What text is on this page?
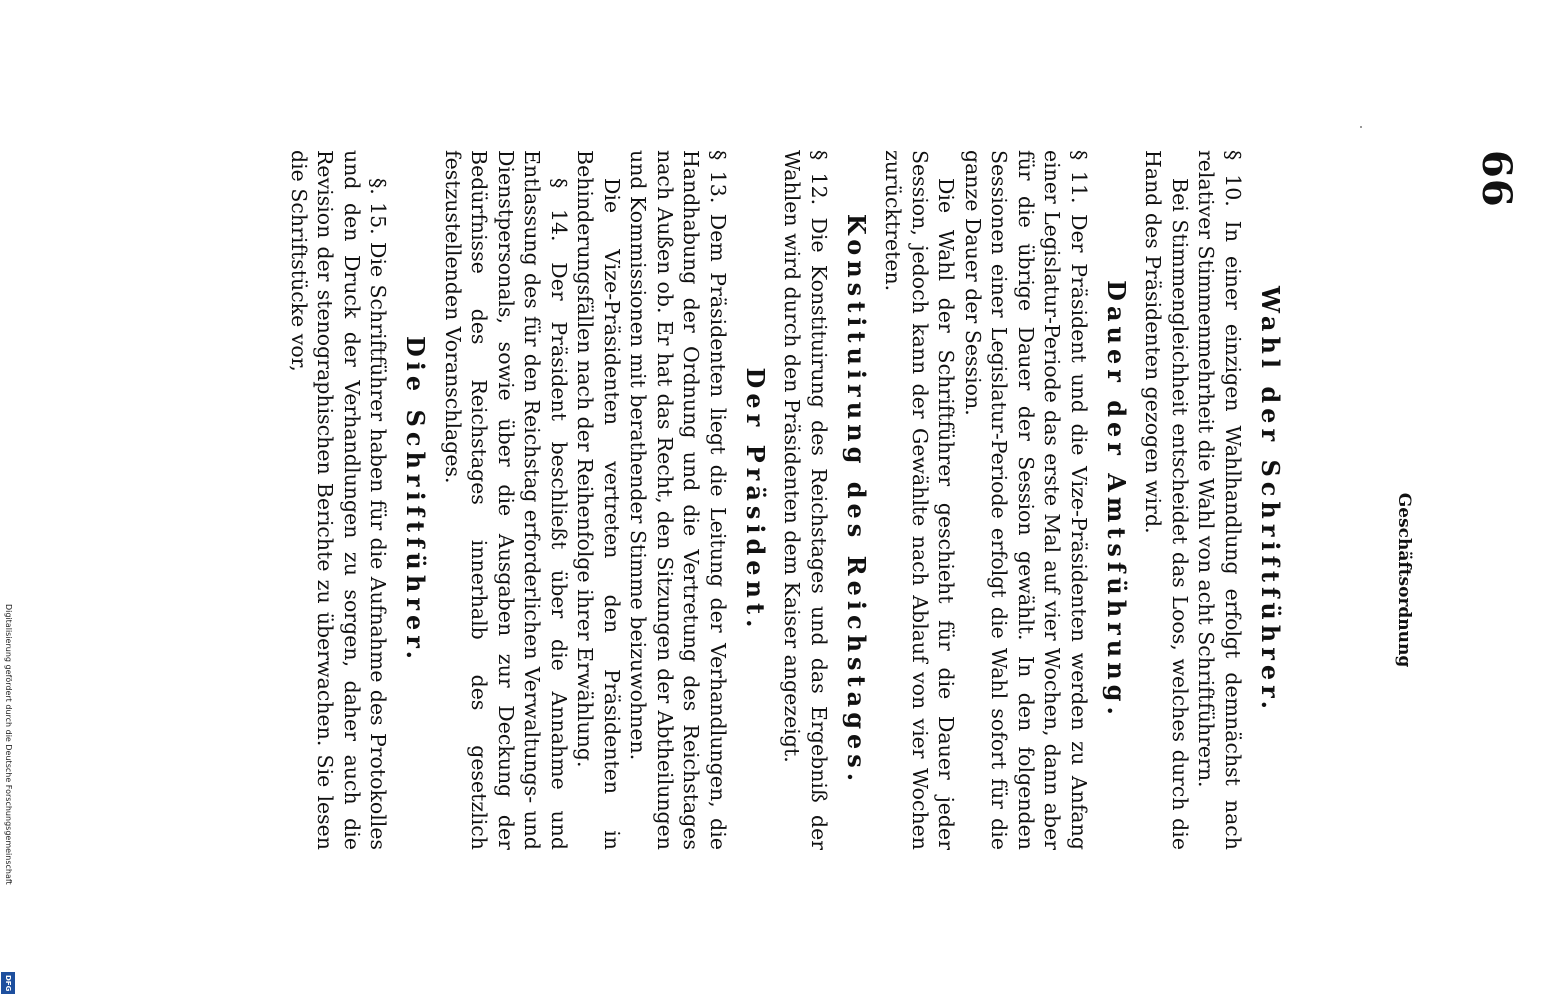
66
Geschäftsordnung
Wahl der Schriftführer.

§ 10. In einer einzigen Wahlhandlung erfolgt demnächst nach relativer Stimmenmehrheit die Wahl von acht Schriftführern.

Bei Stimmengleichheit entscheidet das Loos, welches durch die Hand des Präsidenten gezogen wird.

Dauer der Amtsführung.

§ 11. Der Präsident und die Vize-Präsidenten werden zu Anfang einer Legislatur-Periode das erste Mal auf vier Wochen, dann aber für die übrige Dauer der Session gewählt. In den folgenden Sessionen einer Legislatur-Periode erfolgt die Wahl sofort für die ganze Dauer der Session.

Die Wahl der Schriftführer geschieht für die Dauer jeder Session, jedoch kann der Gewählte nach Ablauf von vier Wochen zurücktreten.

Konstituirung des Reichstages.

§ 12. Die Konstituirung des Reichstages und das Ergebniß der Wahlen wird durch den Präsidenten dem Kaiser angezeigt.

Der Präsident.

§ 13. Dem Präsidenten liegt die Leitung der Verhandlungen, die Handhabung der Ordnung und die Vertretung des Reichstages nach Außen ob. Er hat das Recht, den Sitzungen der Abtheilungen und Kommissionen mit berathender Stimme beizuwohnen.

Die Vize-Präsidenten vertreten den Präsidenten in Behinderungsfällen nach der Reihenfolge ihrer Erwählung.

§ 14. Der Präsident beschließt über die Annahme und Entlassung des für den Reichstag erforderlichen Verwaltungs- und Dienstpersonals, sowie über die Ausgaben zur Deckung der Bedürfnisse des Reichstages innerhalb des gesetzlich festzustellenden Voranschlages.

Die Schriftführer.

§. 15. Die Schriftführer haben für die Aufnahme des Protokolles und den Druck der Verhandlungen zu sorgen, daher auch die Revision der stenographischen Berichte zu überwachen. Sie lesen die Schriftstücke vor,

Digitalisierung gefördert durch die Deutsche Forschungsgemeinschaft
DFG
